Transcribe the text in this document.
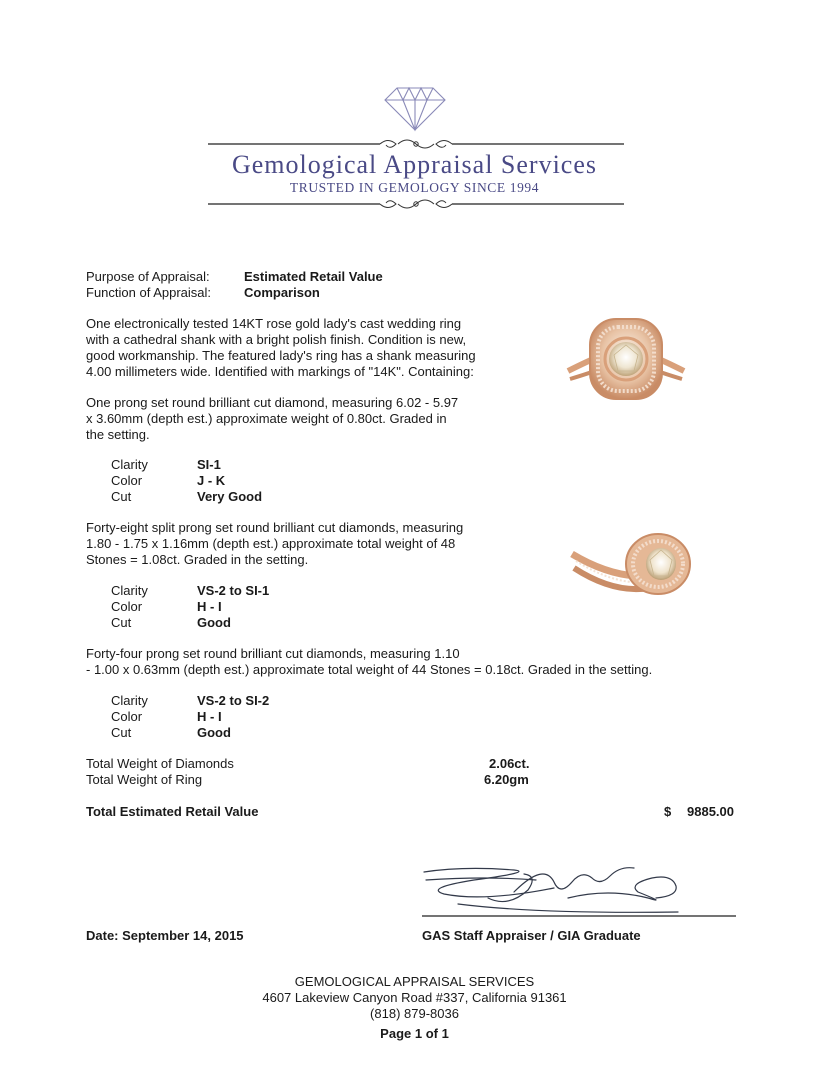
Gemological Appraisal Services
TRUSTED IN GEMOLOGY SINCE 1994
Purpose of Appraisal:	Estimated Retail Value
Function of Appraisal:	Comparison
One electronically tested 14KT rose gold lady's cast wedding ring
with a cathedral shank with a bright polish finish. Condition is new,
good workmanship. The featured lady's ring has a shank measuring
4.00 millimeters wide. Identified with markings of "14K". Containing:
One prong set round brilliant cut diamond, measuring 6.02 - 5.97
x 3.60mm (depth est.) approximate weight of 0.80ct. Graded in
the setting.
Clarity	SI-1
Color	J - K
Cut	Very Good
Forty-eight split prong set round brilliant cut diamonds, measuring
1.80 - 1.75 x 1.16mm (depth est.) approximate total weight of 48
Stones = 1.08ct. Graded in the setting.
Clarity	VS-2 to SI-1
Color	H - I
Cut	Good
Forty-four prong set round brilliant cut diamonds, measuring 1.10
- 1.00 x 0.63mm (depth est.) approximate total weight of 44 Stones = 0.18ct. Graded in the setting.
Clarity	VS-2 to SI-2
Color	H - I
Cut	Good
Total Weight of Diamonds	2.06ct.
Total Weight of Ring	6.20gm
Total Estimated Retail Value	$ 9885.00
Date: September 14, 2015	GAS Staff Appraiser / GIA Graduate
GEMOLOGICAL APPRAISAL SERVICES
4607 Lakeview Canyon Road #337, California 91361
(818) 879-8036
Page 1 of 1
